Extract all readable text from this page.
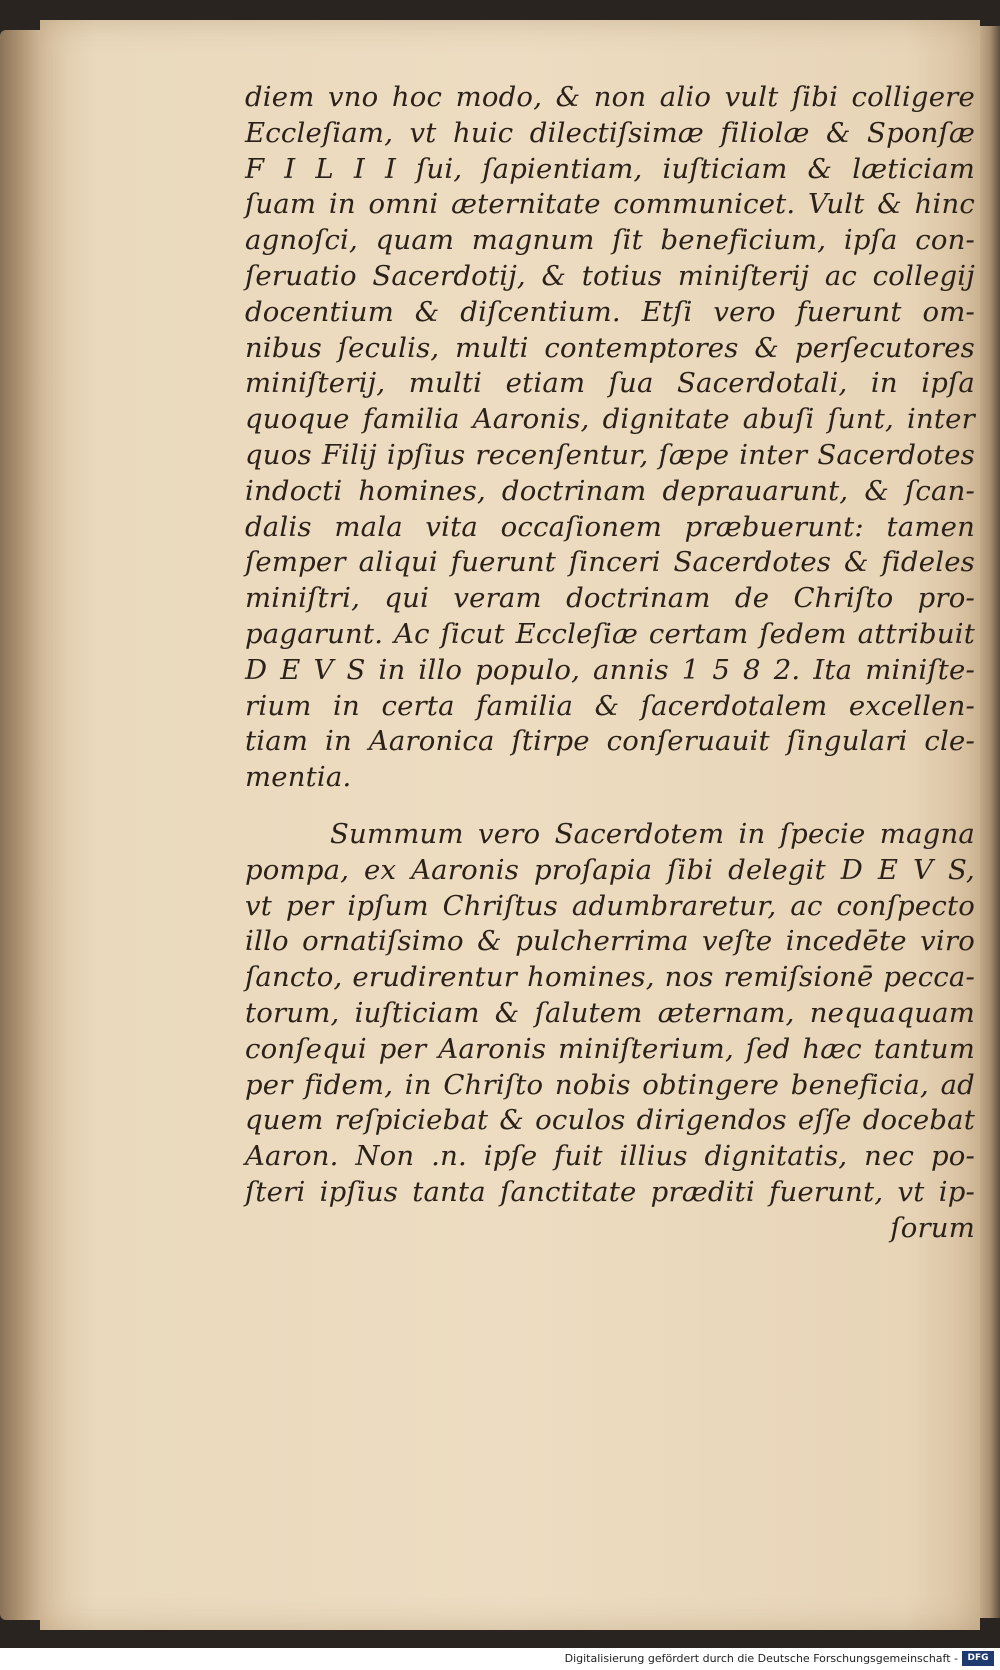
diem vno hoc modo, & non alio vult ſibi colligere
Eccleſiam, vt huic dilectiſsimæ filiolæ & Sponſæ
F I L I I ſui, ſapientiam, iuſticiam & læticiam
ſuam in omni æternitate communicet. Vult & hinc
agnoſci, quam magnum ſit beneficium, ipſa con-
ſeruatio Sacerdotij, & totius miniſterij ac collegij
docentium & diſcentium. Etſi vero fuerunt om-
nibus ſeculis, multi contemptores & perſecutores
miniſterij, multi etiam ſua Sacerdotali, in ipſa
quoque familia Aaronis, dignitate abuſi ſunt, inter
quos Filij ipſius recenſentur, ſæpe inter Sacerdotes
indocti homines, doctrinam deprauarunt, & ſcan-
dalis mala vita occaſionem præbuerunt: tamen
ſemper aliqui fuerunt ſinceri Sacerdotes & fideles
miniſtri, qui veram doctrinam de Chriſto pro-
pagarunt. Ac ſicut Eccleſiæ certam ſedem attribuit
D E V S in illo populo, annis 1 5 8 2. Ita miniſte-
rium in certa familia & ſacerdotalem excellen-
tiam in Aaronica ſtirpe conſeruauit ſingulari cle-
mentia.
Summum vero Sacerdotem in ſpecie magna
pompa, ex Aaronis proſapia ſibi delegit D E V S,
vt per ipſum Chriſtus adumbraretur, ac conſpecto
illo ornatiſsimo & pulcherrima veſte incedēte viro
ſancto, erudirentur homines, nos remiſsionē pecca-
torum, iuſticiam & ſalutem æternam, nequaquam
conſequi per Aaronis miniſterium, ſed hæc tantum
per fidem, in Chriſto nobis obtingere beneficia, ad
quem reſpiciebat & oculos dirigendos eſſe docebat
Aaron. Non .n. ipſe fuit illius dignitatis, nec po-
ſteri ipſius tanta ſanctitate præditi fuerunt, vt ip-
ſorum
Digitalisierung gefördert durch die Deutsche Forschungsgemeinschaft -	DFG
